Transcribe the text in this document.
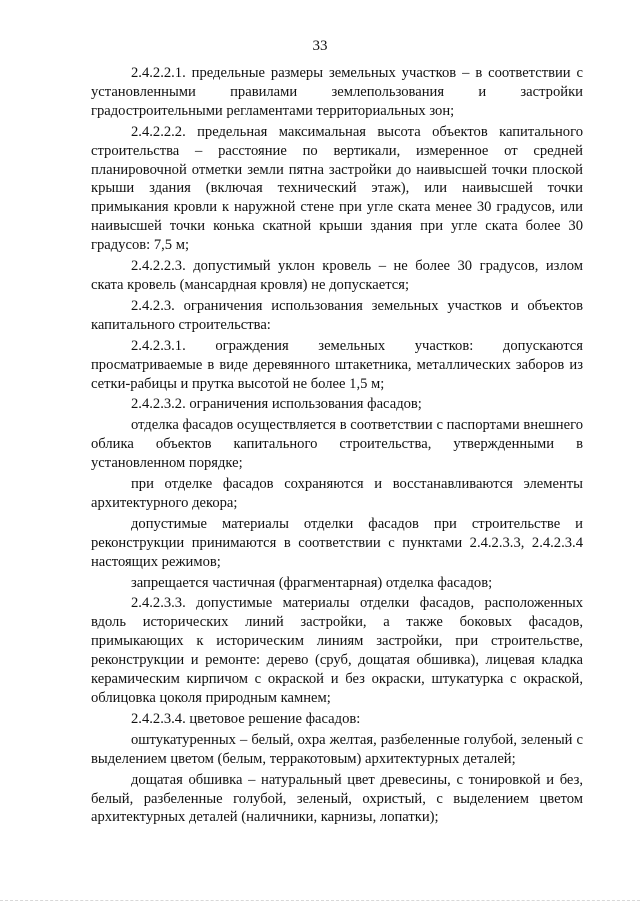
33

2.4.2.2.1. предельные размеры земельных участков – в соответствии с установленными правилами землепользования и застройки градостроительными регламентами территориальных зон;

2.4.2.2.2. предельная максимальная высота объектов капитального строительства – расстояние по вертикали, измеренное от средней планировочной отметки земли пятна застройки до наивысшей точки плоской крыши здания (включая технический этаж), или наивысшей точки примыкания кровли к наружной стене при угле ската менее 30 градусов, или наивысшей точки конька скатной крыши здания при угле ската более 30 градусов: 7,5 м;

2.4.2.2.3. допустимый уклон кровель – не более 30 градусов, излом ската кровель (мансардная кровля) не допускается;

2.4.2.3. ограничения использования земельных участков и объектов капитального строительства:

2.4.2.3.1. ограждения земельных участков: допускаются просматриваемые в виде деревянного штакетника, металлических заборов из сетки-рабицы и прутка высотой не более 1,5 м;

2.4.2.3.2. ограничения использования фасадов;

отделка фасадов осуществляется в соответствии с паспортами внешнего облика объектов капитального строительства, утвержденными в установленном порядке;

при отделке фасадов сохраняются и восстанавливаются элементы архитектурного декора;

допустимые материалы отделки фасадов при строительстве и реконструкции принимаются в соответствии с пунктами 2.4.2.3.3, 2.4.2.3.4 настоящих режимов;

запрещается частичная (фрагментарная) отделка фасадов;

2.4.2.3.3. допустимые материалы отделки фасадов, расположенных вдоль исторических линий застройки, а также боковых фасадов, примыкающих к историческим линиям застройки, при строительстве, реконструкции и ремонте: дерево (сруб, дощатая обшивка), лицевая кладка керамическим кирпичом с окраской и без окраски, штукатурка с окраской, облицовка цоколя природным камнем;

2.4.2.3.4. цветовое решение фасадов:

оштукатуренных – белый, охра желтая, разбеленные голубой, зеленый с выделением цветом (белым, терракотовым) архитектурных деталей;

дощатая обшивка – натуральный цвет древесины, с тонировкой и без, белый, разбеленные голубой, зеленый, охристый, с выделением цветом архитектурных деталей (наличники, карнизы, лопатки);
